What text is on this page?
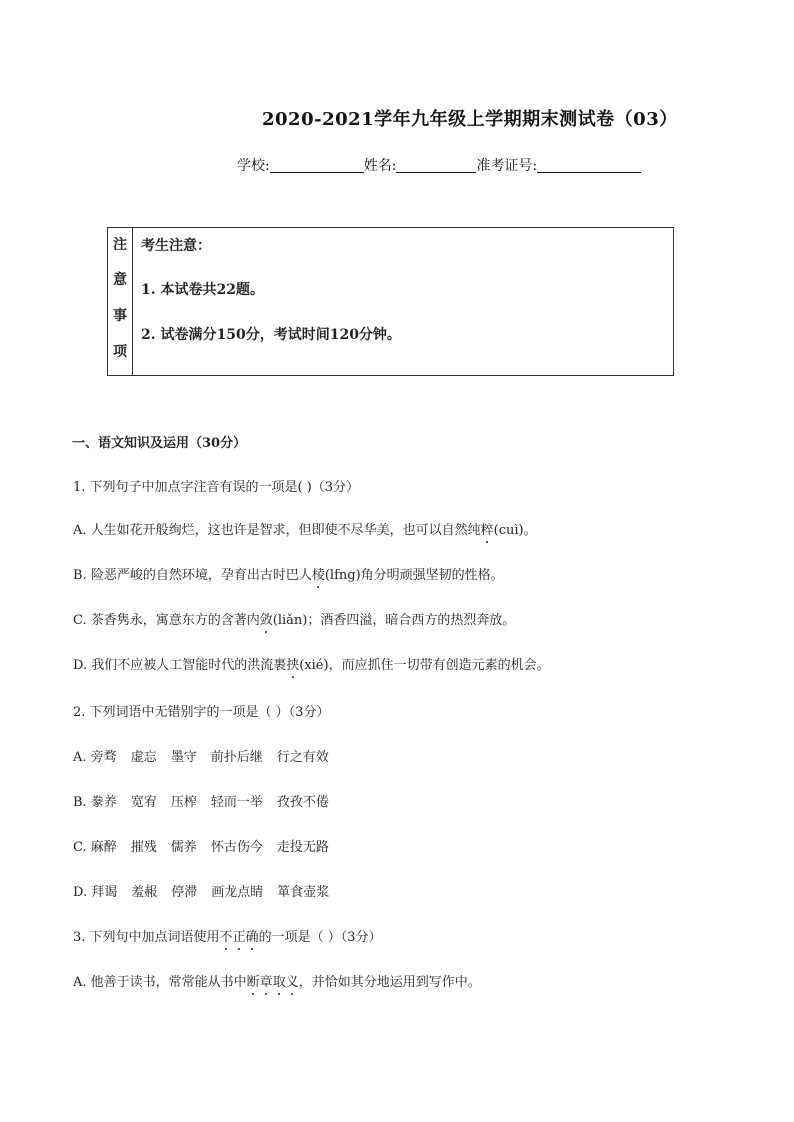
2020-2021学年九年级上学期期末测试卷（03）
学校:	姓名:	准考证号:
注
意
事
项
考生注意：
1. 本试卷共22题。
2. 试卷满分150分，考试时间120分钟。
一、语文知识及运用（30分）
1. 下列句子中加点字注音有误的一项是( )（3分）
A. 人生如花开般绚烂，这也许是智求，但即使不尽华美，也可以自然纯粹(cuì)。
B. 险恶严峻的自然环境，孕育出古时巴人棱(lfng)角分明顽强坚韧的性格。
C. 茶香隽永，寓意东方的含著内敛(liǎn)；酒香四溢，暗合西方的热烈奔放。
D. 我们不应被人工智能时代的洪流裹挟(xié)，而应抓住一切带有创造元素的机会。
2. 下列词语中无错别字的一项是（ ）（3分）
A. 旁骛 虚忘 墨守 前扑后继 行之有效
B. 豢养 宽宥 压榨 轻而一举 孜孜不倦
C. 麻醉 摧残 儒养 怀古伤今 走投无路
D. 拜谒 羞赧 停滞 画龙点睛 箪食壶浆
3. 下列句中加点词语使用不正确的一项是（ ）（3分）
A. 他善于读书，常常能从书中断章取义，并恰如其分地运用到写作中。
